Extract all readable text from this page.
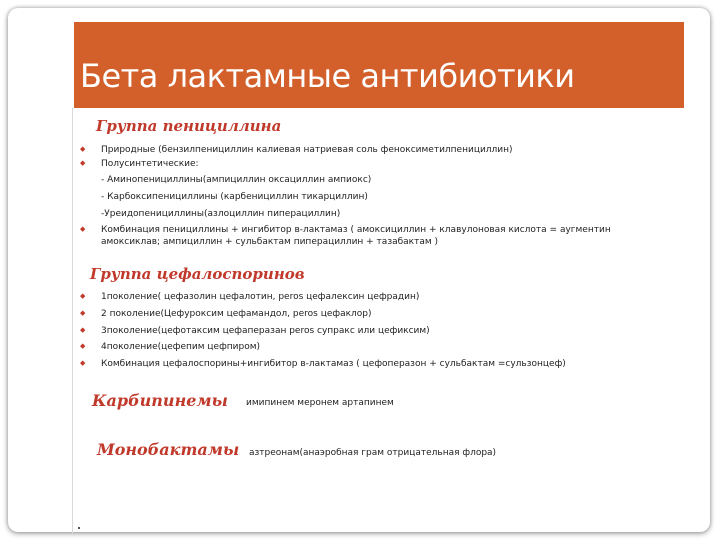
Бета лактамные антибиотики
Группа пенициллина
◆ Природные (бензилпенициллин калиевая натриевая соль феноксиметилпенициллин)
◆ Полусинтетические:
- Аминопенициллины(ампициллин оксациллин ампиокс)
- Карбоксипенициллины (карбенициллин тикарциллин)
-Уреидопенициллины(азлоциллин пиперациллин)
◆ Комбинация пенициллины + ингибитор в-лактамаз ( амоксициллин + клавулоновая кислота = аугментин
амоксиклав; ампициллин + сульбактам пиперациллин + тазабактам )
Группа цефалоспоринов
◆ 1поколение( цефазолин цефалотин, peros цефалексин цефрадин)
◆ 2 поколение(Цефуроксим цефамандол, peros цефаклор)
◆ 3поколение(цефотаксим цефаперазан peros супракс или цефиксим)
◆ 4поколение(цефепим цефпиром)
◆ Комбинация цефалоспорины+ингибитор в-лактамаз ( цефоперазон + сульбактам =сульзонцеф)
Карбипинемы имипинем меронем артапинем
Монобактамы азтреонам(анаэробная грам отрицательная флора)
